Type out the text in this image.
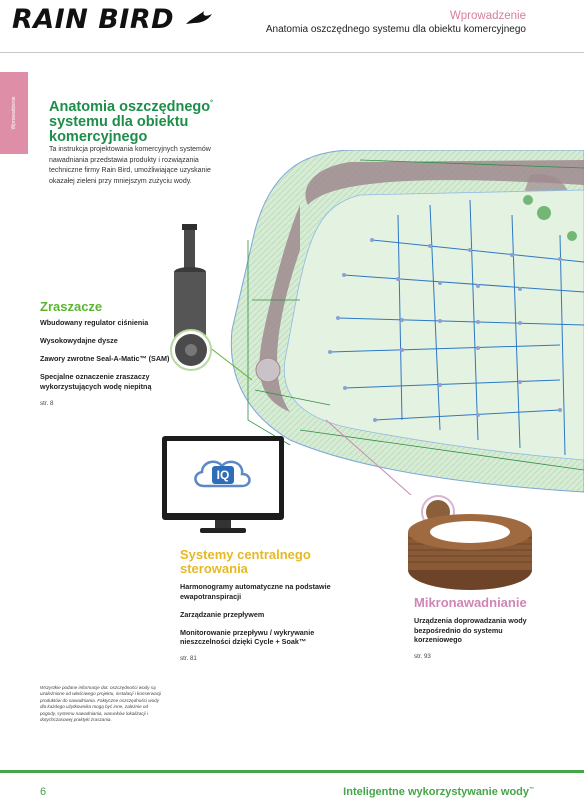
RAIN BIRD	Wprowadzenie
Anatomia oszczędnego systemu dla obiektu komercyjnego
Wprowadzenie Anatomia oszczędnego° systemu dla obiektu komercyjnego
Ta instrukcja projektowania komercyjnych systemów nawadniania przedstawia produkty i rozwiązania techniczne firmy Rain Bird, umożliwiające uzyskanie okazałej zieleni przy mniejszym zużyciu wody.
Zraszacze
Wbudowany regulator ciśnienia
Wysokowydajne dysze
Zawory zwrotne Seal-A-Matic™ (SAM)
Specjalne oznaczenie zraszaczy wykorzystujących wodę niepitną
str. 8
IQ
Systemy centralnego
sterowania
Harmonogramy automatyczne na podstawie ewapotranspiracji
Zarządzanie przepływem
Monitorowanie przepływu / wykrywanie nieszczelności dzięki Cycle + Soak™
str. 81
Mikronawadnianie
Urządzenia doprowadzania wody bezpośrednio do systemu korzeniowego
str. 93
Wszystkie podane informacje dot. oszczędności wody są uzależnione od właściwego projektu, instalacji i konserwacji produktów do nawadniania. Faktyczne oszczędności wody dla każdego użytkownika mogą być inne, zależnie od pogody, systemu nawadniania, warunków lokalizacji i dotychczasowej praktyki zraszania.
6	Inteligentne wykorzystywanie wody™
